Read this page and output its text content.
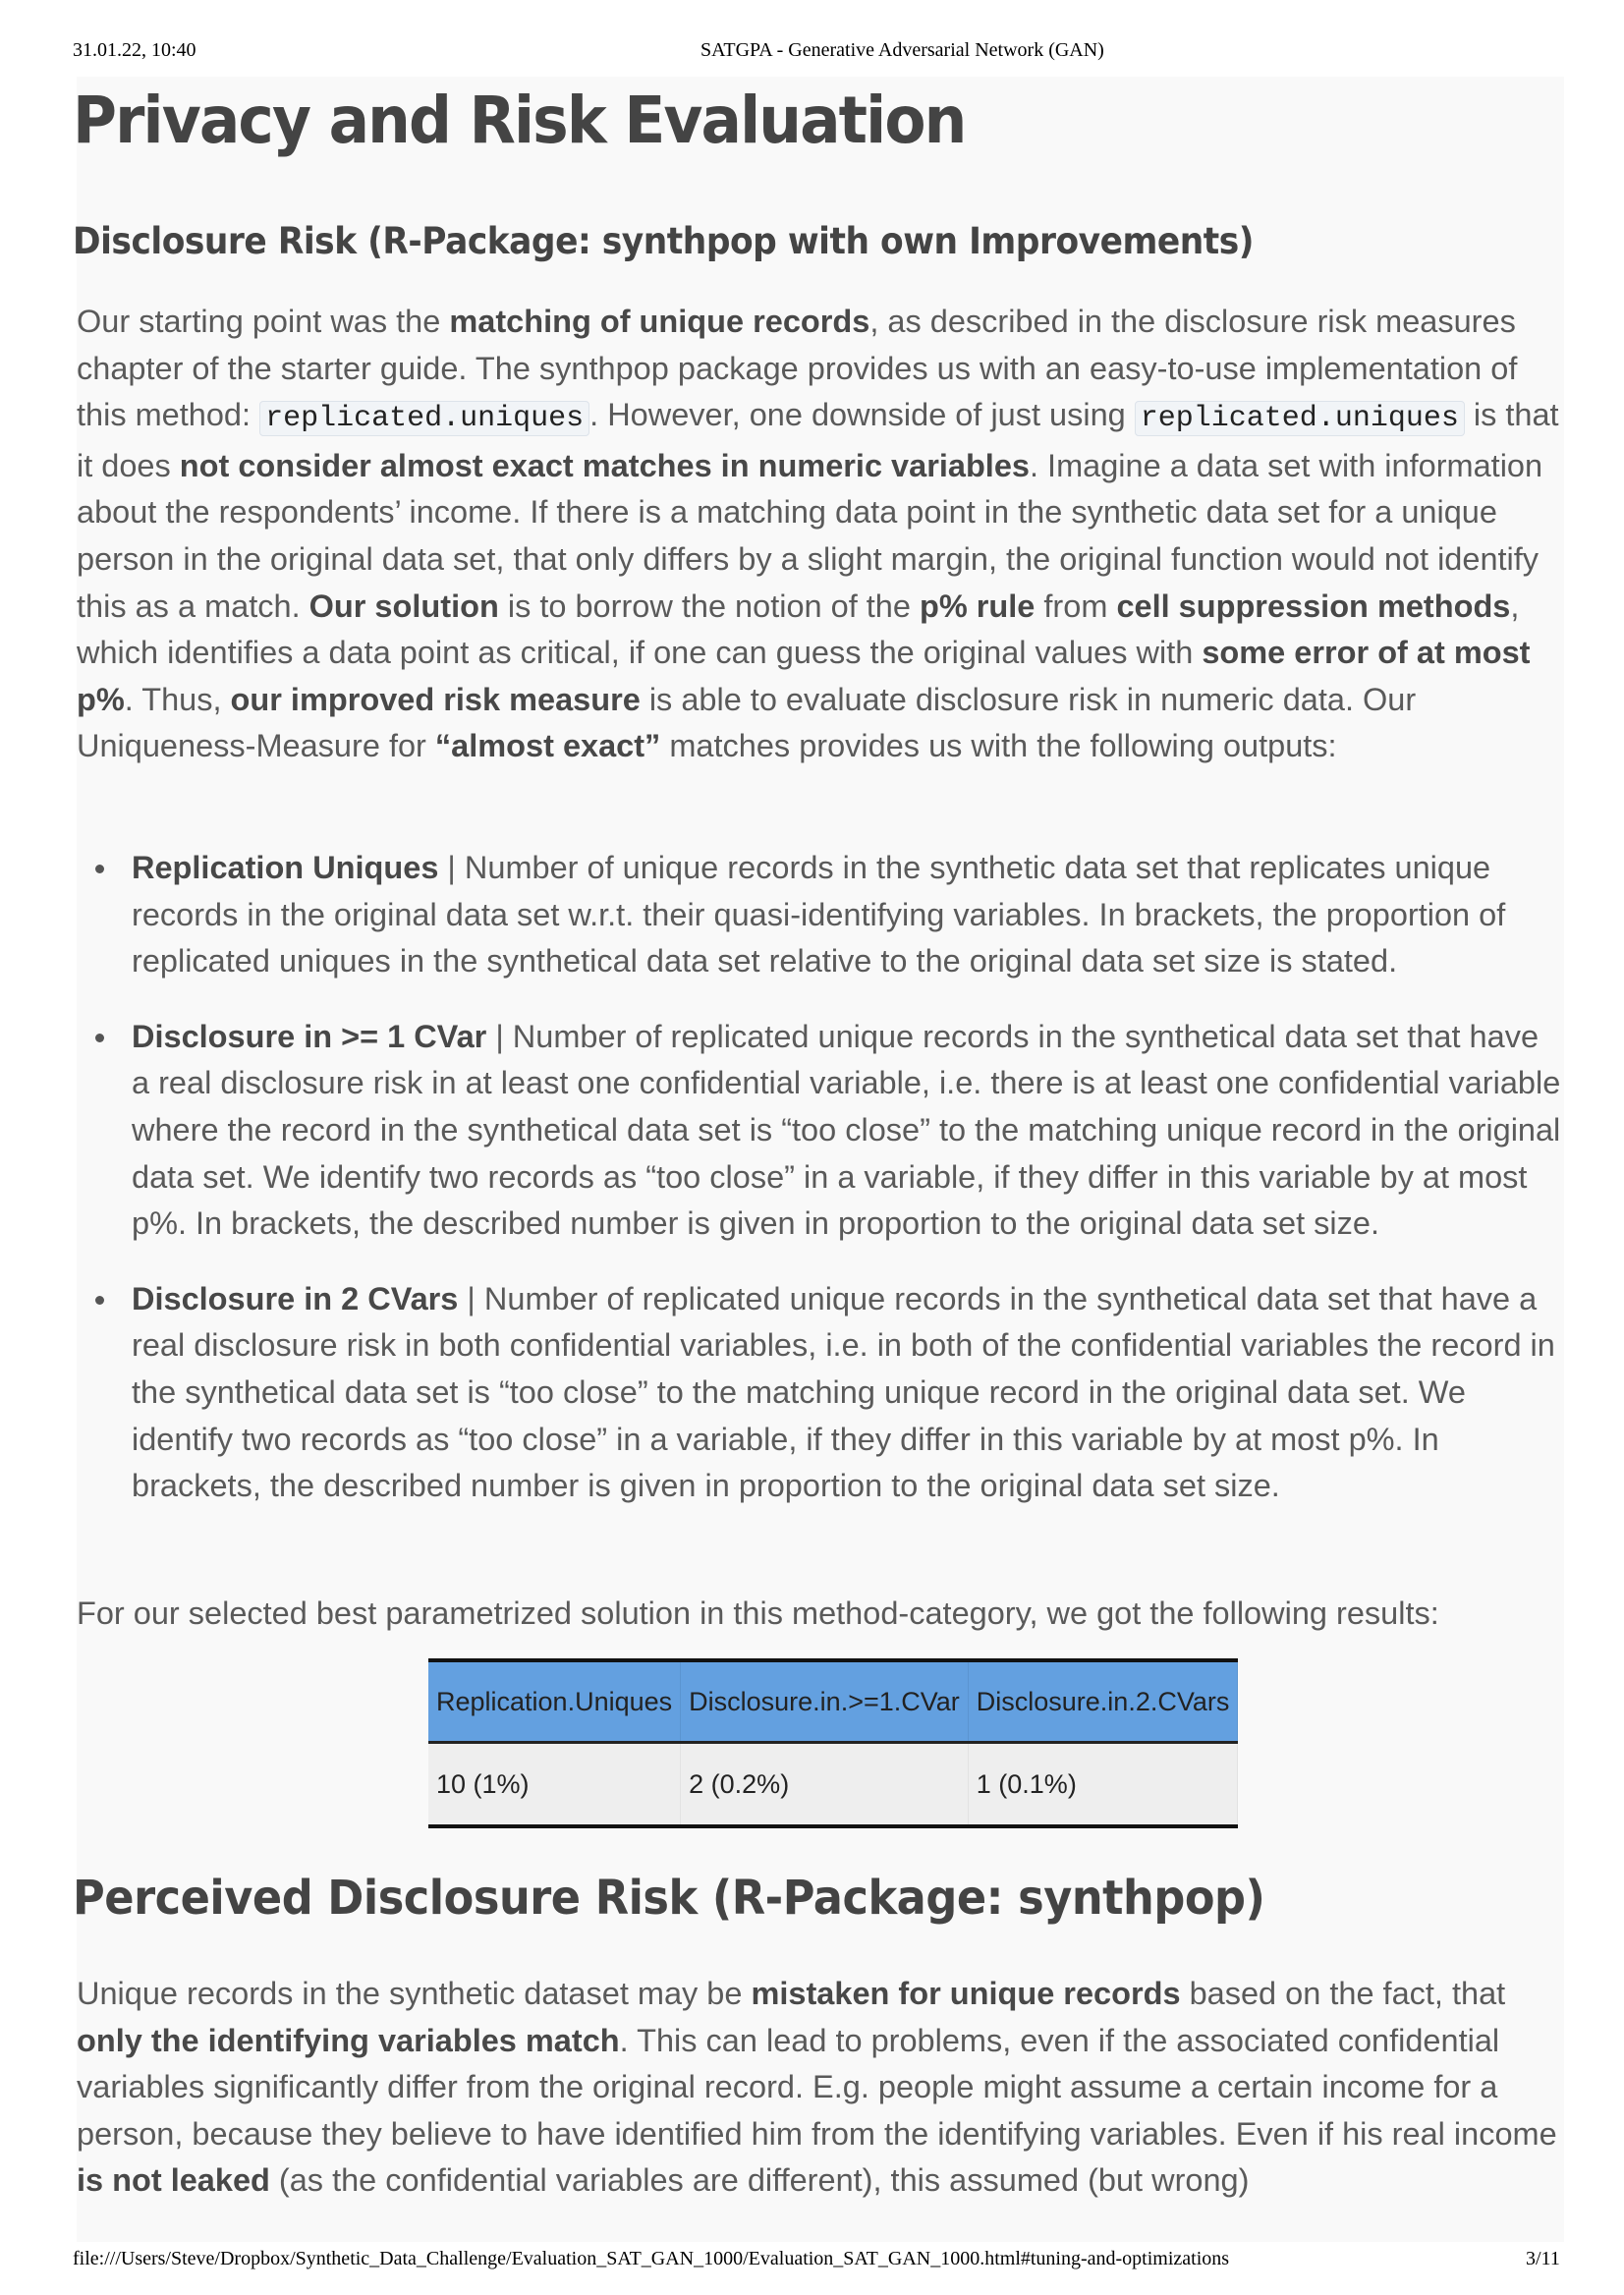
31.01.22, 10:40	SATGPA - Generative Adversarial Network (GAN)
Privacy and Risk Evaluation
Disclosure Risk (R-Package: synthpop with own Improvements)
Our starting point was the matching of unique records, as described in the disclosure risk measures chapter of the starter guide. The synthpop package provides us with an easy-to-use implementation of this method: replicated.uniques . However, one downside of just using replicated.uniques is that it does not consider almost exact matches in numeric variables. Imagine a data set with information about the respondents’ income. If there is a matching data point in the synthetic data set for a unique person in the original data set, that only differs by a slight margin, the original function would not identify this as a match. Our solution is to borrow the notion of the p% rule from cell suppression methods, which identifies a data point as critical, if one can guess the original values with some error of at most p%. Thus, our improved risk measure is able to evaluate disclosure risk in numeric data. Our Uniqueness-Measure for “almost exact” matches provides us with the following outputs:
Replication Uniques | Number of unique records in the synthetic data set that replicates unique records in the original data set w.r.t. their quasi-identifying variables. In brackets, the proportion of replicated uniques in the synthetical data set relative to the original data set size is stated.
Disclosure in >= 1 CVar | Number of replicated unique records in the synthetical data set that have a real disclosure risk in at least one confidential variable, i.e. there is at least one confidential variable where the record in the synthetical data set is “too close” to the matching unique record in the original data set. We identify two records as “too close” in a variable, if they differ in this variable by at most p%. In brackets, the described number is given in proportion to the original data set size.
Disclosure in 2 CVars | Number of replicated unique records in the synthetical data set that have a real disclosure risk in both confidential variables, i.e. in both of the confidential variables the record in the synthetical data set is “too close” to the matching unique record in the original data set. We identify two records as “too close” in a variable, if they differ in this variable by at most p%. In brackets, the described number is given in proportion to the original data set size.
For our selected best parametrized solution in this method-category, we got the following results:
Replication.Uniques	Disclosure.in.>=1.CVar	Disclosure.in.2.CVars
10 (1%)	2 (0.2%)	1 (0.1%)
Perceived Disclosure Risk (R-Package: synthpop)
Unique records in the synthetic dataset may be mistaken for unique records based on the fact, that only the identifying variables match. This can lead to problems, even if the associated confidential variables significantly differ from the original record. E.g. people might assume a certain income for a person, because they believe to have identified him from the identifying variables. Even if his real income is not leaked (as the confidential variables are different), this assumed (but wrong)
file:///Users/Steve/Dropbox/Synthetic_Data_Challenge/Evaluation_SAT_GAN_1000/Evaluation_SAT_GAN_1000.html#tuning-and-optimizations	3/11
